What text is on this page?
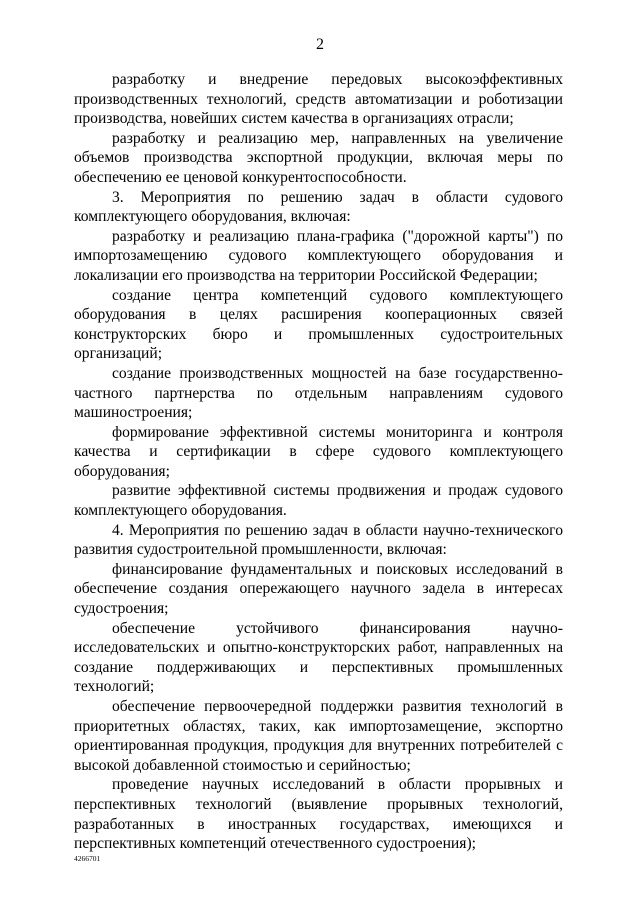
2

разработку и внедрение передовых высокоэффективных производственных технологий, средств автоматизации и роботизации производства, новейших систем качества в организациях отрасли;

разработку и реализацию мер, направленных на увеличение объемов производства экспортной продукции, включая меры по обеспечению ее ценовой конкурентоспособности.

3. Мероприятия по решению задач в области судового комплектующего оборудования, включая:

разработку и реализацию плана-графика ("дорожной карты") по импортозамещению судового комплектующего оборудования и локализации его производства на территории Российской Федерации;

создание центра компетенций судового комплектующего оборудования в целях расширения кооперационных связей конструкторских бюро и промышленных судостроительных организаций;

создание производственных мощностей на базе государственно-частного партнерства по отдельным направлениям судового машиностроения;

формирование эффективной системы мониторинга и контроля качества и сертификации в сфере судового комплектующего оборудования;

развитие эффективной системы продвижения и продаж судового комплектующего оборудования.

4. Мероприятия по решению задач в области научно-технического развития судостроительной промышленности, включая:

финансирование фундаментальных и поисковых исследований в обеспечение создания опережающего научного задела в интересах судостроения;

обеспечение устойчивого финансирования научно-исследовательских и опытно-конструкторских работ, направленных на создание поддерживающих и перспективных промышленных технологий;

обеспечение первоочередной поддержки развития технологий в приоритетных областях, таких, как импортозамещение, экспортно ориентированная продукция, продукция для внутренних потребителей с высокой добавленной стоимостью и серийностью;

проведение научных исследований в области прорывных и перспективных технологий (выявление прорывных технологий, разработанных в иностранных государствах, имеющихся и перспективных компетенций отечественного судостроения);

4266701
